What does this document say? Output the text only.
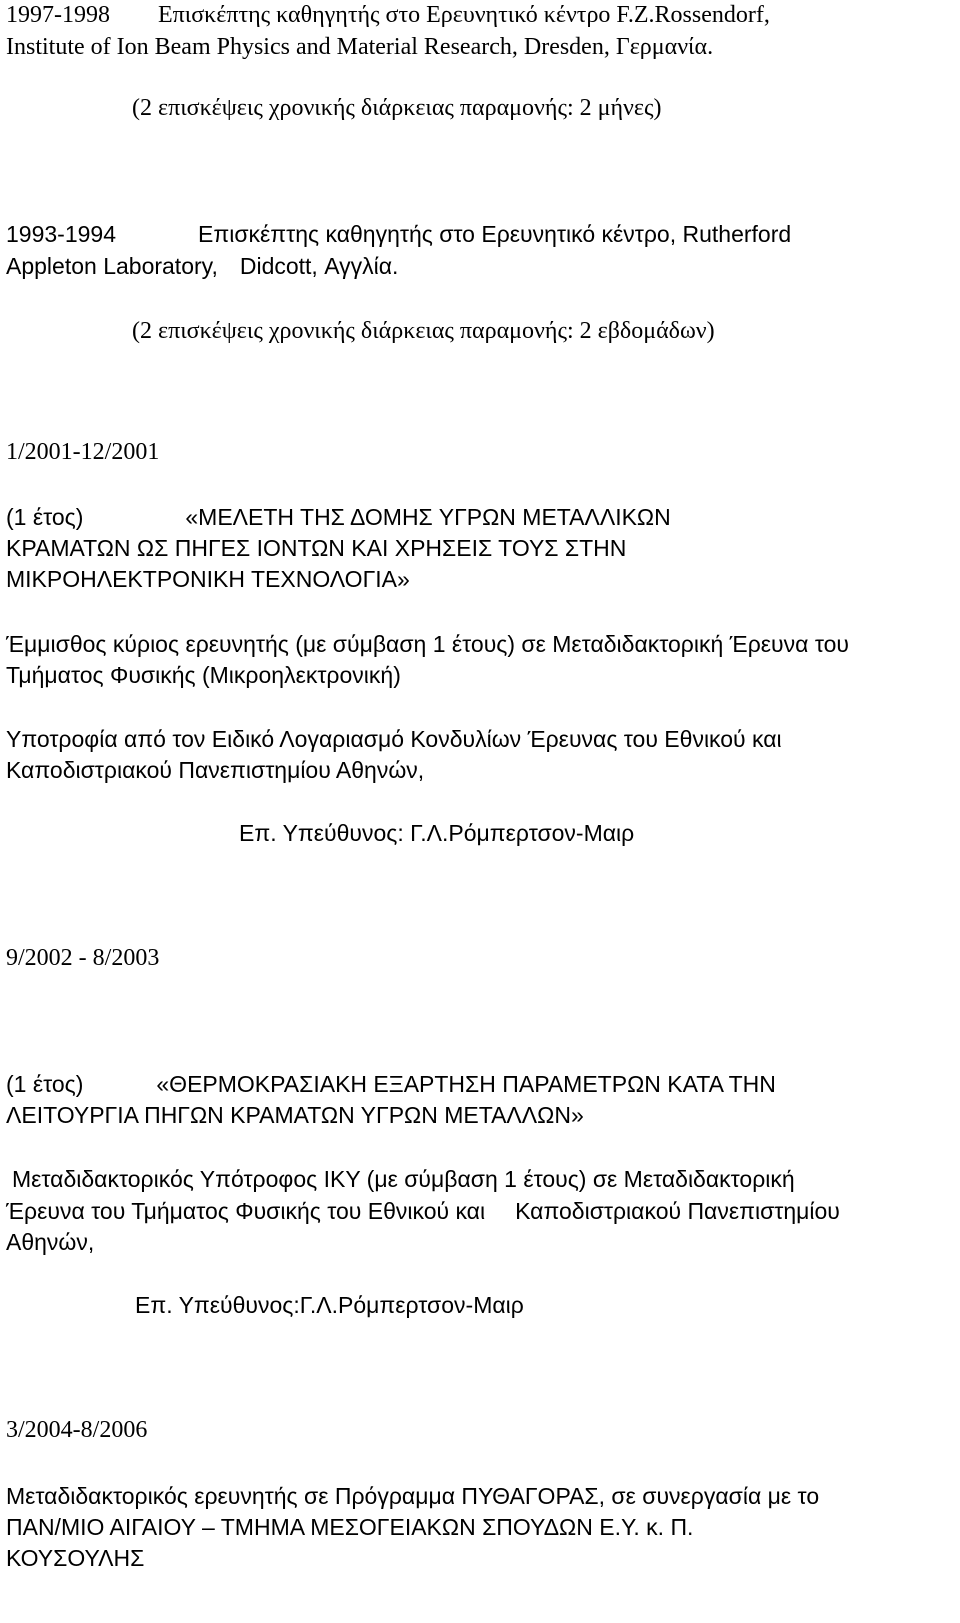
1997-1998 Επισκέπτης καθηγητής στο Ερευνητικό κέντρο F.Z.Rossendorf,

Institute of Ion Beam Physics and Material Research, Dresden, Γερμανία.

(2 επισκέψεις χρονικής διάρκειας παραμονής: 2 μήνες)

1993-1994	Επισκέπτης καθηγητής στο Ερευνητικό κέντρο, Rutherford

Appleton Laboratory, Didcott, Αγγλία.

(2 επισκέψεις χρονικής διάρκειας παραμονής: 2 εβδομάδων)

1/2001-12/2001

(1 έτος)	«ΜΕΛΕΤΗ ΤΗΣ ΔΟΜΗΣ ΥΓΡΩΝ ΜΕΤΑΛΛΙΚΩΝ

ΚΡΑΜΑΤΩΝ ΩΣ ΠΗΓΕΣ ΙΟΝΤΩΝ ΚΑΙ ΧΡΗΣΕΙΣ ΤΟΥΣ ΣΤΗΝ

ΜΙΚΡΟΗΛΕΚΤΡΟΝΙΚΗ ΤΕΧΝΟΛΟΓΙΑ»

Έμμισθος κύριος ερευνητής (με σύμβαση 1 έτους) σε Μεταδιδακτορική Έρευνα του

Τμήματος Φυσικής (Μικροηλεκτρονική)

Υποτροφία από τον Ειδικό Λογαριασμό Κονδυλίων Έρευνας του Εθνικού και

Καποδιστριακού Πανεπιστημίου Αθηνών,

Επ. Υπεύθυνος: Γ.Λ.Ρόμπερτσον-Μαιρ

9/2002 - 8/2003

(1 έτος)	«ΘΕΡΜΟΚΡΑΣΙΑΚΗ ΕΞΑΡΤΗΣΗ ΠΑΡΑΜΕΤΡΩΝ ΚΑΤΑ ΤΗΝ

ΛΕΙΤΟΥΡΓΙΑ ΠΗΓΩΝ ΚΡΑΜΑΤΩΝ ΥΓΡΩΝ ΜΕΤΑΛΛΩΝ»

Μεταδιδακτορικός Υπότροφος ΙΚΥ (με σύμβαση 1 έτους) σε Μεταδιδακτορική

Έρευνα του Τμήματος Φυσικής του Εθνικού και Καποδιστριακού Πανεπιστημίου

Αθηνών,

Επ. Υπεύθυνος:Γ.Λ.Ρόμπερτσον-Μαιρ

3/2004-8/2006

Μεταδιδακτορικός ερευνητής σε Πρόγραμμα ΠΥΘΑΓΟΡΑΣ, σε συνεργασία με το

ΠΑΝ/ΜΙΟ ΑΙΓΑΙΟΥ – ΤΜΗΜΑ ΜΕΣΟΓΕΙΑΚΩΝ ΣΠΟΥΔΩΝ Ε.Υ. κ. Π.

ΚΟΥΣΟΥΛΗΣ
